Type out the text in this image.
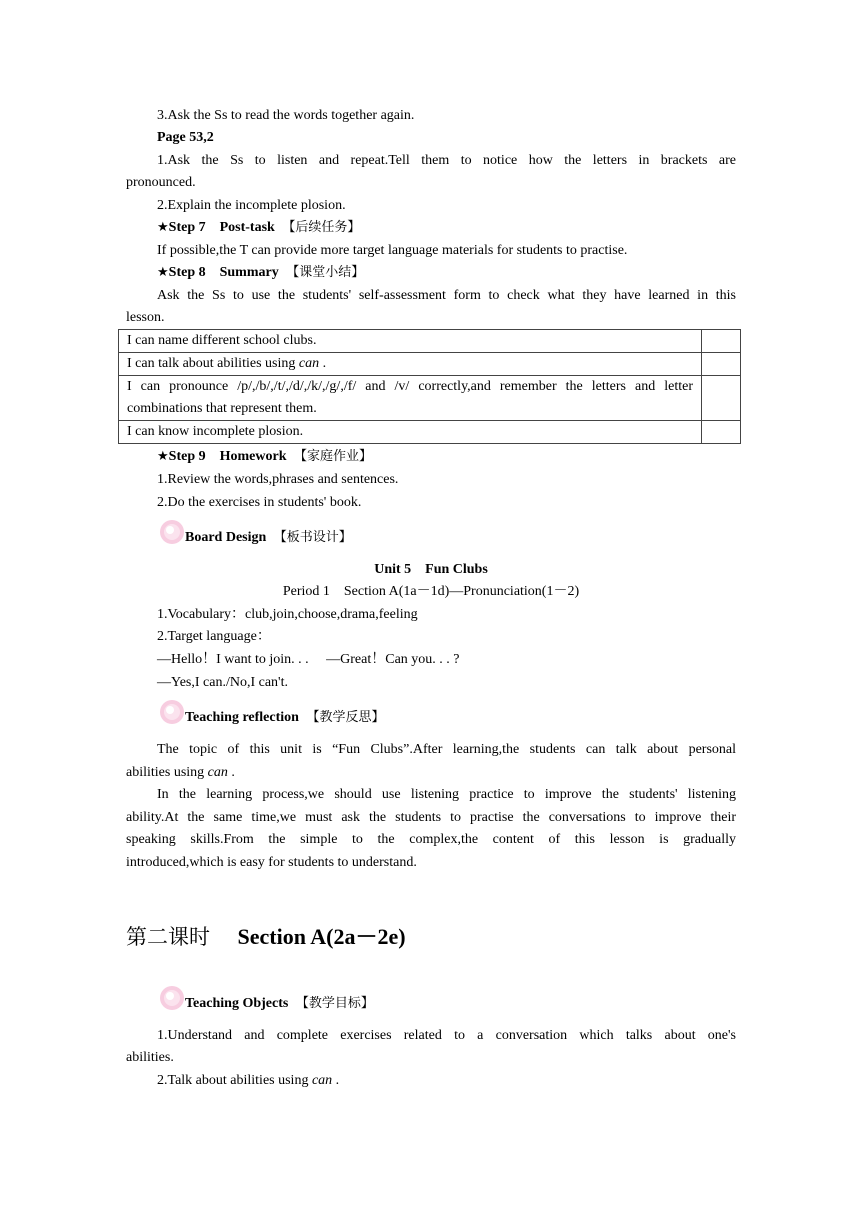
3.Ask the Ss to read the words together again.
Page 53,2
1.Ask the Ss to listen and repeat.Tell them to notice how the letters in brackets are
pronounced.
2.Explain the incomplete plosion.
★Step 7　Post-task　 【后续任务】
If possible,the T can provide more target language materials for students to practise.
★Step 8　Summary　 【课堂小结】
Ask the Ss to use the students' self-assessment form to check what they have learned in this
lesson.
I can name different school clubs.	
I can talk about abilities using can .	

I can pronounce /p/,/b/,/t/,/d/,/k/,/g/,/f/ and /v/ correctly,and remember the letters and letter
combinations that represent them.	

I can know incomplete plosion.	
★Step 9　Homework　 【家庭作业】
1.Review the words,phrases and sentences.
2.Do the exercises in students' book.
Board Design　 【板书设计】
Unit 5　Fun Clubs
Period 1　Section A(1a－1d)—Pronunciation(1－2)
1.Vocabulary：club,join,choose,drama,feeling
2.Target language：
—Hello！I want to join. . .　 —Great！Can you. . . ?
—Yes,I can./No,I can't.
Teaching reflection　 【教学反思】
The topic of this unit is “Fun Clubs”.After learning,the students can talk about personal
abilities using can .
In the learning process,we should use listening practice to improve the students' listening
ability.At the same time,we must ask the students to practise the conversations to improve their
speaking skills.From the simple to the complex,the content of this lesson is gradually
introduced,which is easy for students to understand.
第二课时　 Section A(2a－2e)
Teaching Objects　 【教学目标】
1.Understand and complete exercises related to a conversation which talks about one's
abilities.
2.Talk about abilities using can .
